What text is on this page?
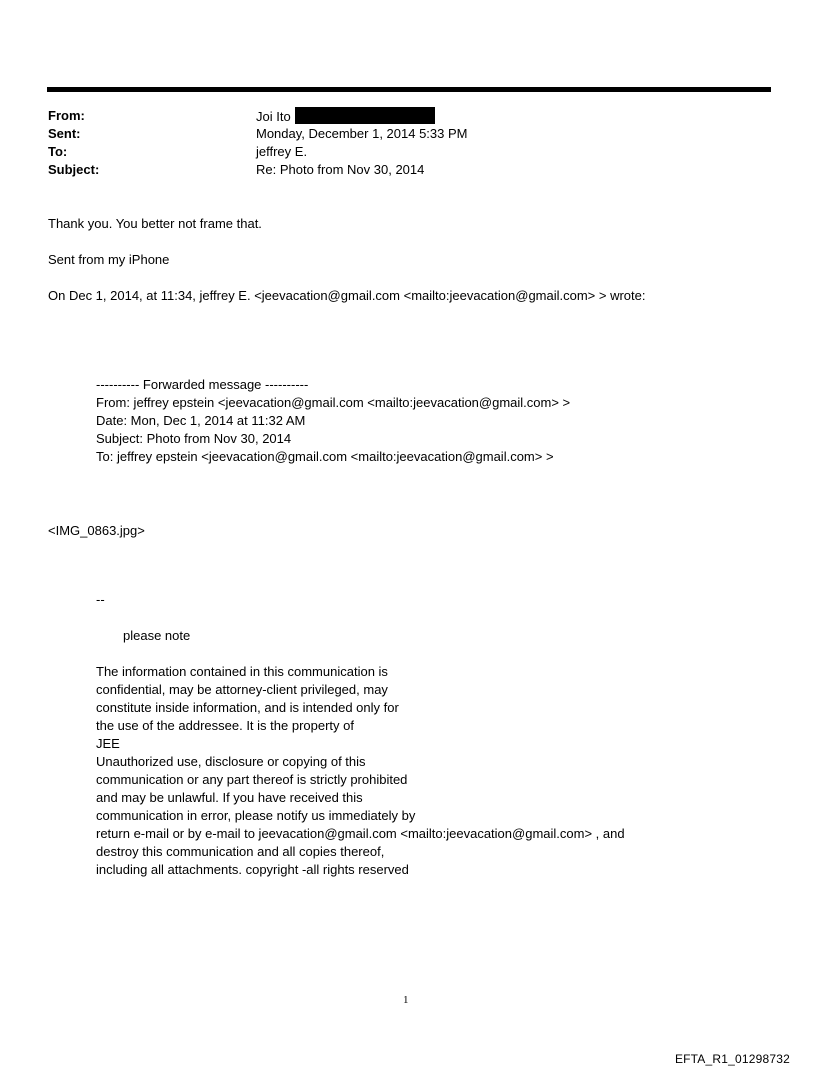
From:	Joi Ito
Sent:	Monday, December 1, 2014 5:33 PM
To:	jeffrey E.
Subject:	Re: Photo from Nov 30, 2014
Thank you. You better not frame that.
Sent from my iPhone
On Dec 1, 2014, at 11:34, jeffrey E. <jeevacation@gmail.com <mailto:jeevacation@gmail.com> > wrote:
---------- Forwarded message ----------
From: jeffrey epstein <jeevacation@gmail.com <mailto:jeevacation@gmail.com> >
Date: Mon, Dec 1, 2014 at 11:32 AM
Subject: Photo from Nov 30, 2014
To: jeffrey epstein <jeevacation@gmail.com <mailto:jeevacation@gmail.com> >
<IMG_0863.jpg>
--
please note
The information contained in this communication is
confidential, may be attorney-client privileged, may
constitute inside information, and is intended only for
the use of the addressee. It is the property of
JEE
Unauthorized use, disclosure or copying of this
communication or any part thereof is strictly prohibited
and may be unlawful. If you have received this
communication in error, please notify us immediately by
return e-mail or by e-mail to jeevacation@gmail.com <mailto:jeevacation@gmail.com> , and
destroy this communication and all copies thereof,
including all attachments. copyright -all rights reserved
1
EFTA_R1_01298732
